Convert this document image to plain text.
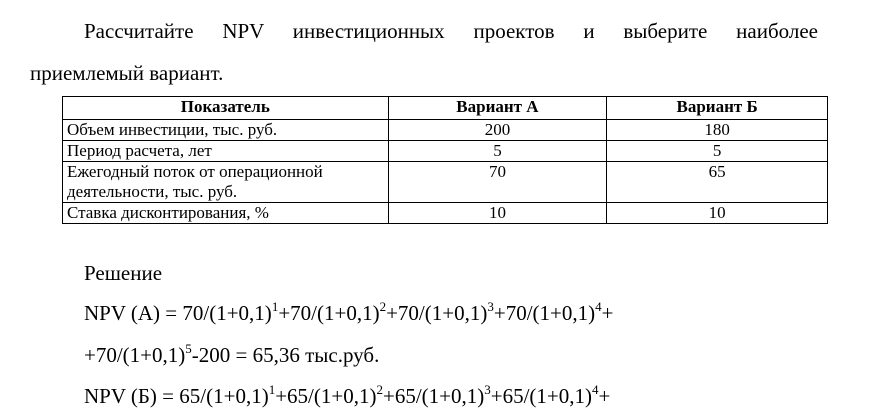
Рассчитайте NPV инвестиционных проектов и выберите наиболее
приемлемый вариант.
Показатель	Вариант А	Вариант Б
Объем инвестиции, тыс. руб.	200	180
Период расчета, лет	5	5

Ежегодный поток от операционной
деятельности, тыс. руб.	70	65
Ставка дисконтирования, %	10	10
Решение
NPV $(А) = 70/(1+0,1)^1+70/(1+0,1)^2+70/(1+0,1)^3+70/(1+0,1)^4+$
$+70/(1+0,1)^5-200 = 65,36$ тыс.руб.
NPV $(Б) = 65/(1+0,1)^1+65/(1+0,1)^2+65/(1+0,1)^3+65/(1+0,1)^4+$
